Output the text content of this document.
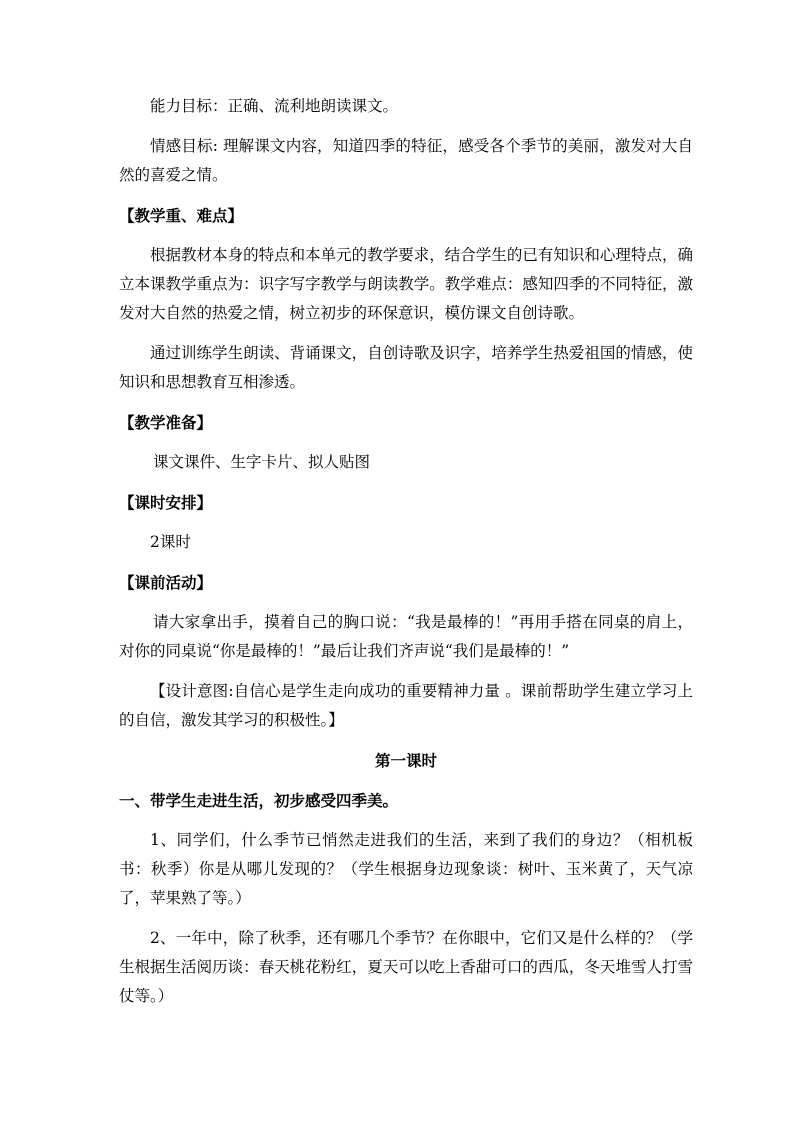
能力目标：正确、流利地朗读课文。

情感目标: 理解课文内容，知道四季的特征，感受各个季节的美丽，激发对大自然的喜爱之情。

【教学重、难点】

根据教材本身的特点和本单元的教学要求，结合学生的已有知识和心理特点，确立本课教学重点为：识字写字教学与朗读教学。教学难点：感知四季的不同特征，激发对大自然的热爱之情，树立初步的环保意识，模仿课文自创诗歌。

通过训练学生朗读、背诵课文，自创诗歌及识字，培养学生热爱祖国的情感，使知识和思想教育互相渗透。

【教学准备】

课文课件、生字卡片、拟人贴图

【课时安排】

2课时

【课前活动】

请大家拿出手，摸着自己的胸口说：“我是最棒的！”再用手搭在同桌的肩上，对你的同桌说“你是最棒的！”最后让我们齐声说“我们是最棒的！”

【设计意图:自信心是学生走向成功的重要精神力量 。课前帮助学生建立学习上的自信，激发其学习的积极性。】

第一课时

一、带学生走进生活，初步感受四季美。

1、同学们，什么季节已悄然走进我们的生活，来到了我们的身边？（相机板书：秋季）你是从哪儿发现的？（学生根据身边现象谈：树叶、玉米黄了，天气凉了，苹果熟了等。）

2、一年中，除了秋季，还有哪几个季节？在你眼中，它们又是什么样的？（学生根据生活阅历谈：春天桃花粉红，夏天可以吃上香甜可口的西瓜，冬天堆雪人打雪仗等。）
